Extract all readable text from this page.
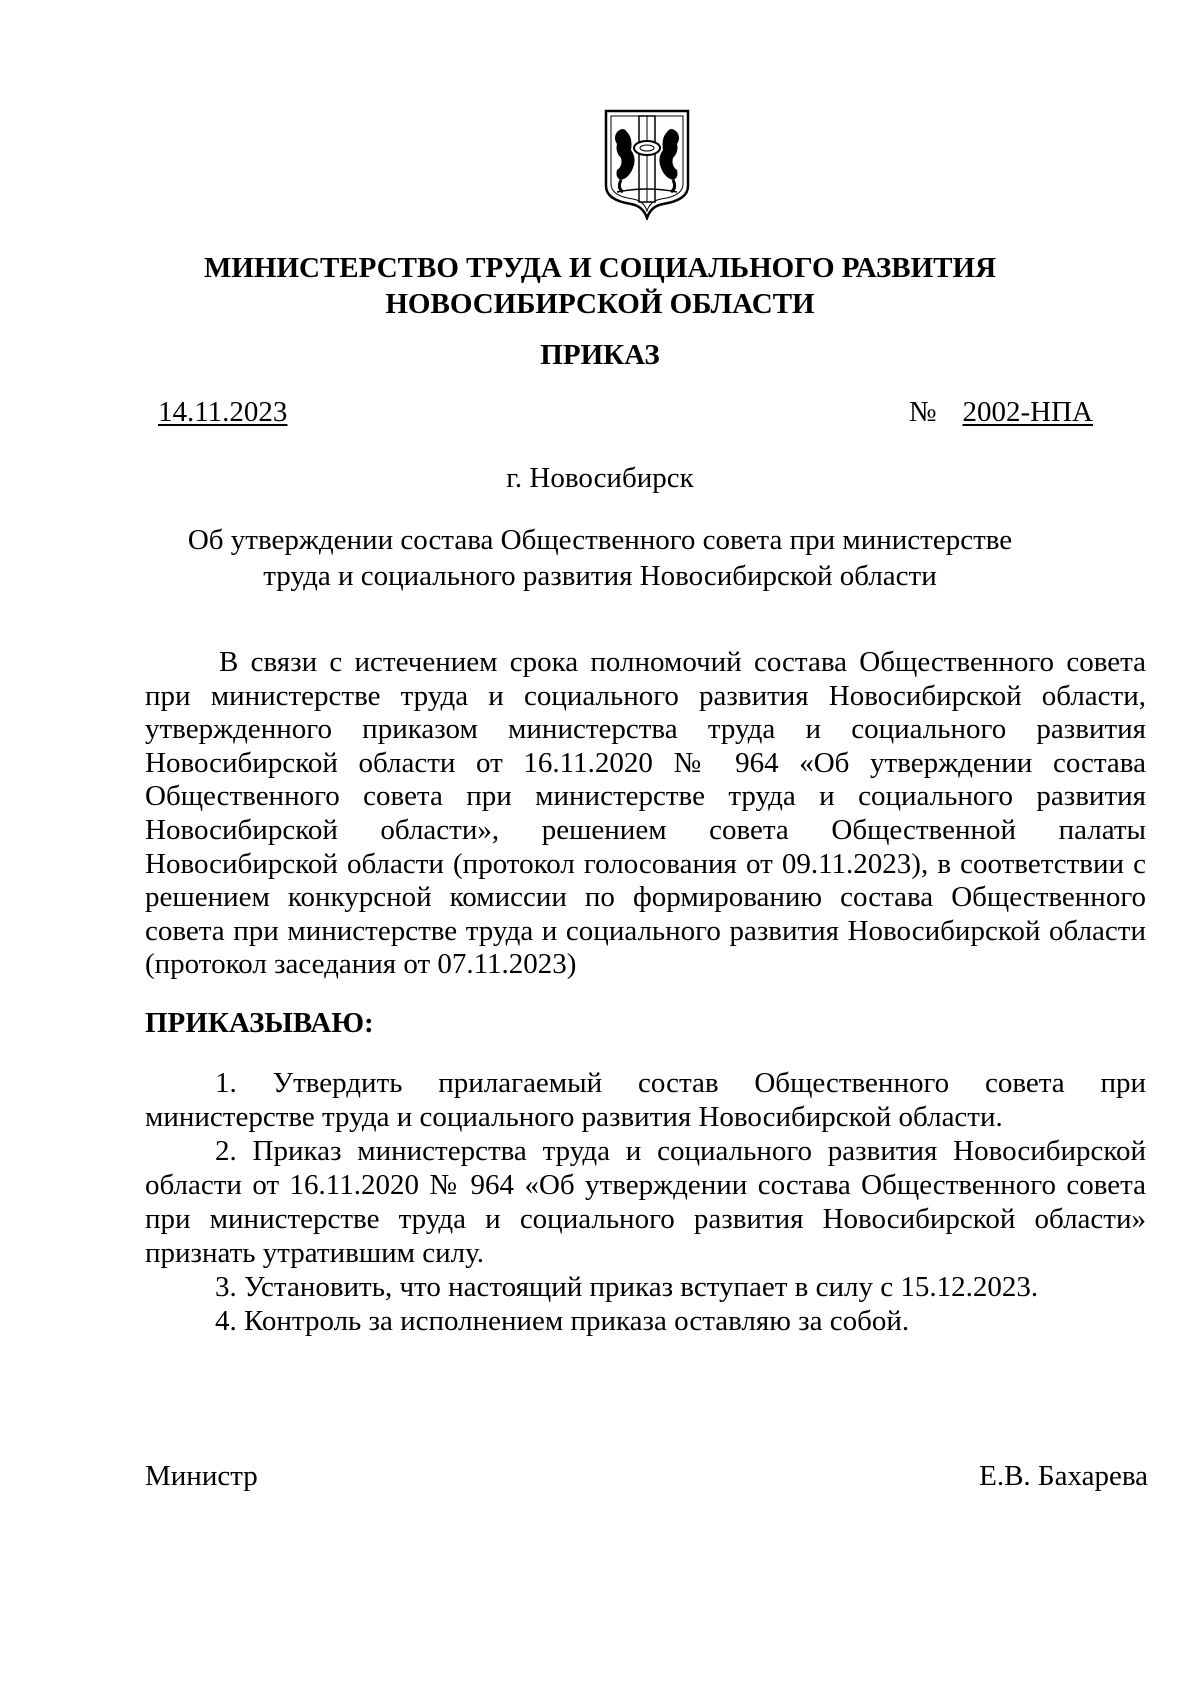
МИНИСТЕРСТВО ТРУДА И СОЦИАЛЬНОГО РАЗВИТИЯ
НОВОСИБИРСКОЙ ОБЛАСТИ
ПРИКАЗ
14.11.2023	№ 2002-НПА
г. Новосибирск
Об утверждении состава Общественного совета при министерстве
труда и социального развития Новосибирской области

В связи с истечением срока полномочий состава Общественного совета при министерстве труда и социального развития Новосибирской области, утвержденного приказом министерства труда и социального развития Новосибирской области от 16.11.2020 № 964 «Об утверждении состава Общественного совета при министерстве труда и социального развития Новосибирской области», решением совета Общественной палаты Новосибирской области (протокол голосования от 09.11.2023), в соответствии с решением конкурсной комиссии по формированию состава Общественного совета при министерстве труда и социального развития Новосибирской области (протокол заседания от 07.11.2023)

ПРИКАЗЫВАЮ:

1. Утвердить прилагаемый состав Общественного совета при министерстве труда и социального развития Новосибирской области.

2. Приказ министерства труда и социального развития Новосибирской области от 16.11.2020 № 964 «Об утверждении состава Общественного совета при министерстве труда и социального развития Новосибирской области» признать утратившим силу.

3. Установить, что настоящий приказ вступает в силу с 15.12.2023.

4. Контроль за исполнением приказа оставляю за собой.

Министр	Е.В. Бахарева
